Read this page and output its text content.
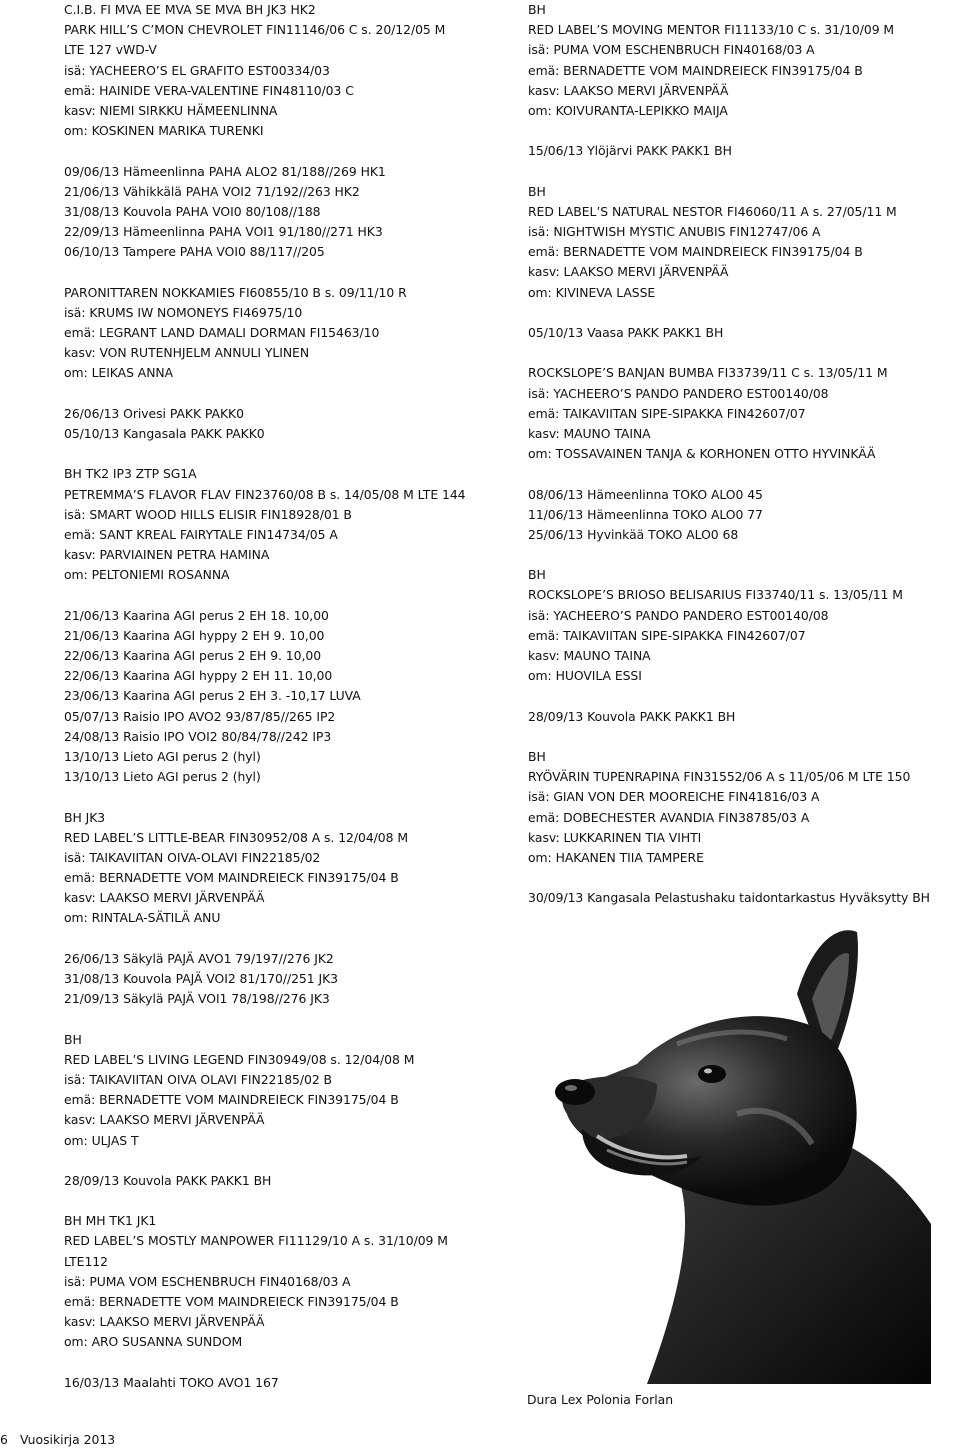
C.I.B. FI MVA EE MVA SE MVA BH JK3 HK2
PARK HILL’S C’MON CHEVROLET FIN11146/06 C s. 20/12/05 M
LTE 127 vWD-V
isä: YACHEERO’S EL GRAFITO EST00334/03
emä: HAINIDE VERA-VALENTINE FIN48110/03 C
kasv: NIEMI SIRKKU HÄMEENLINNA
om: KOSKINEN MARIKA TURENKI
09/06/13 Hämeenlinna PAHA ALO2 81/188//269 HK1
21/06/13 Vähikkälä PAHA VOI2 71/192//263 HK2
31/08/13 Kouvola PAHA VOI0 80/108//188
22/09/13 Hämeenlinna PAHA VOI1 91/180//271 HK3
06/10/13 Tampere PAHA VOI0 88/117//205
PARONITTAREN NOKKAMIES FI60855/10 B s. 09/11/10 R
isä: KRUMS IW NOMONEYS FI46975/10
emä: LEGRANT LAND DAMALI DORMAN FI15463/10
kasv: VON RUTENHJELM ANNULI YLINEN
om: LEIKAS ANNA
26/06/13 Orivesi PAKK PAKK0
05/10/13 Kangasala PAKK PAKK0
BH TK2 IP3 ZTP SG1A
PETREMMA’S FLAVOR FLAV FIN23760/08 B s. 14/05/08 M LTE 144
isä: SMART WOOD HILLS ELISIR FIN18928/01 B
emä: SANT KREAL FAIRYTALE FIN14734/05 A
kasv: PARVIAINEN PETRA HAMINA
om: PELTONIEMI ROSANNA
21/06/13 Kaarina AGI perus 2 EH 18. 10,00
21/06/13 Kaarina AGI hyppy 2 EH 9. 10,00
22/06/13 Kaarina AGI perus 2 EH 9. 10,00
22/06/13 Kaarina AGI hyppy 2 EH 11. 10,00
23/06/13 Kaarina AGI perus 2 EH 3. -10,17 LUVA
05/07/13 Raisio IPO AVO2 93/87/85//265 IP2
24/08/13 Raisio IPO VOI2 80/84/78//242 IP3
13/10/13 Lieto AGI perus 2 (hyl)
13/10/13 Lieto AGI perus 2 (hyl)
BH JK3
RED LABEL’S LITTLE-BEAR FIN30952/08 A s. 12/04/08 M
isä: TAIKAVIITAN OIVA-OLAVI FIN22185/02
emä: BERNADETTE VOM MAINDREIECK FIN39175/04 B
kasv: LAAKSO MERVI JÄRVENPÄÄ
om: RINTALA-SÄTILÄ ANU
26/06/13 Säkylä PAJÄ AVO1 79/197//276 JK2
31/08/13 Kouvola PAJÄ VOI2 81/170//251 JK3
21/09/13 Säkylä PAJÄ VOI1 78/198//276 JK3
BH
RED LABEL’S LIVING LEGEND FIN30949/08 s. 12/04/08 M
isä: TAIKAVIITAN OIVA OLAVI FIN22185/02 B
emä: BERNADETTE VOM MAINDREIECK FIN39175/04 B
kasv: LAAKSO MERVI JÄRVENPÄÄ
om: ULJAS T
28/09/13 Kouvola PAKK PAKK1 BH
BH MH TK1 JK1
RED LABEL’S MOSTLY MANPOWER FI11129/10 A s. 31/10/09 M
LTE112
isä: PUMA VOM ESCHENBRUCH FIN40168/03 A
emä: BERNADETTE VOM MAINDREIECK FIN39175/04 B
kasv: LAAKSO MERVI JÄRVENPÄÄ
om: ARO SUSANNA SUNDOM
16/03/13 Maalahti TOKO AVO1 167
BH
RED LABEL’S MOVING MENTOR FI11133/10 C s. 31/10/09 M
isä: PUMA VOM ESCHENBRUCH FIN40168/03 A
emä: BERNADETTE VOM MAINDREIECK FIN39175/04 B
kasv: LAAKSO MERVI JÄRVENPÄÄ
om: KOIVURANTA-LEPIKKO MAIJA
15/06/13 Ylöjärvi PAKK PAKK1 BH
BH
RED LABEL’S NATURAL NESTOR FI46060/11 A s. 27/05/11 M
isä: NIGHTWISH MYSTIC ANUBIS FIN12747/06 A
emä: BERNADETTE VOM MAINDREIECK FIN39175/04 B
kasv: LAAKSO MERVI JÄRVENPÄÄ
om: KIVINEVA LASSE
05/10/13 Vaasa PAKK PAKK1 BH
ROCKSLOPE’S BANJAN BUMBA FI33739/11 C s. 13/05/11 M
isä: YACHEERO’S PANDO PANDERO EST00140/08
emä: TAIKAVIITAN SIPE-SIPAKKA FIN42607/07
kasv: MAUNO TAINA
om: TOSSAVAINEN TANJA & KORHONEN OTTO HYVINKÄÄ
08/06/13 Hämeenlinna TOKO ALO0 45
11/06/13 Hämeenlinna TOKO ALO0 77
25/06/13 Hyvinkää TOKO ALO0 68
BH
ROCKSLOPE’S BRIOSO BELISARIUS FI33740/11 s. 13/05/11 M
isä: YACHEERO’S PANDO PANDERO EST00140/08
emä: TAIKAVIITAN SIPE-SIPAKKA FIN42607/07
kasv: MAUNO TAINA
om: HUOVILA ESSI
28/09/13 Kouvola PAKK PAKK1 BH
BH
RYÖVÄRIN TUPENRAPINA FIN31552/06 A s 11/05/06 M LTE 150
isä: GIAN VON DER MOOREICHE FIN41816/03 A
emä: DOBECHESTER AVANDIA FIN38785/03 A
kasv: LUKKARINEN TIA VIHTI
om: HAKANEN TIIA TAMPERE
30/09/13 Kangasala Pelastushaku taidontarkastus Hyväksytty BH
Dura Lex Polonia Forlan
6 Vuosikirja 2013
